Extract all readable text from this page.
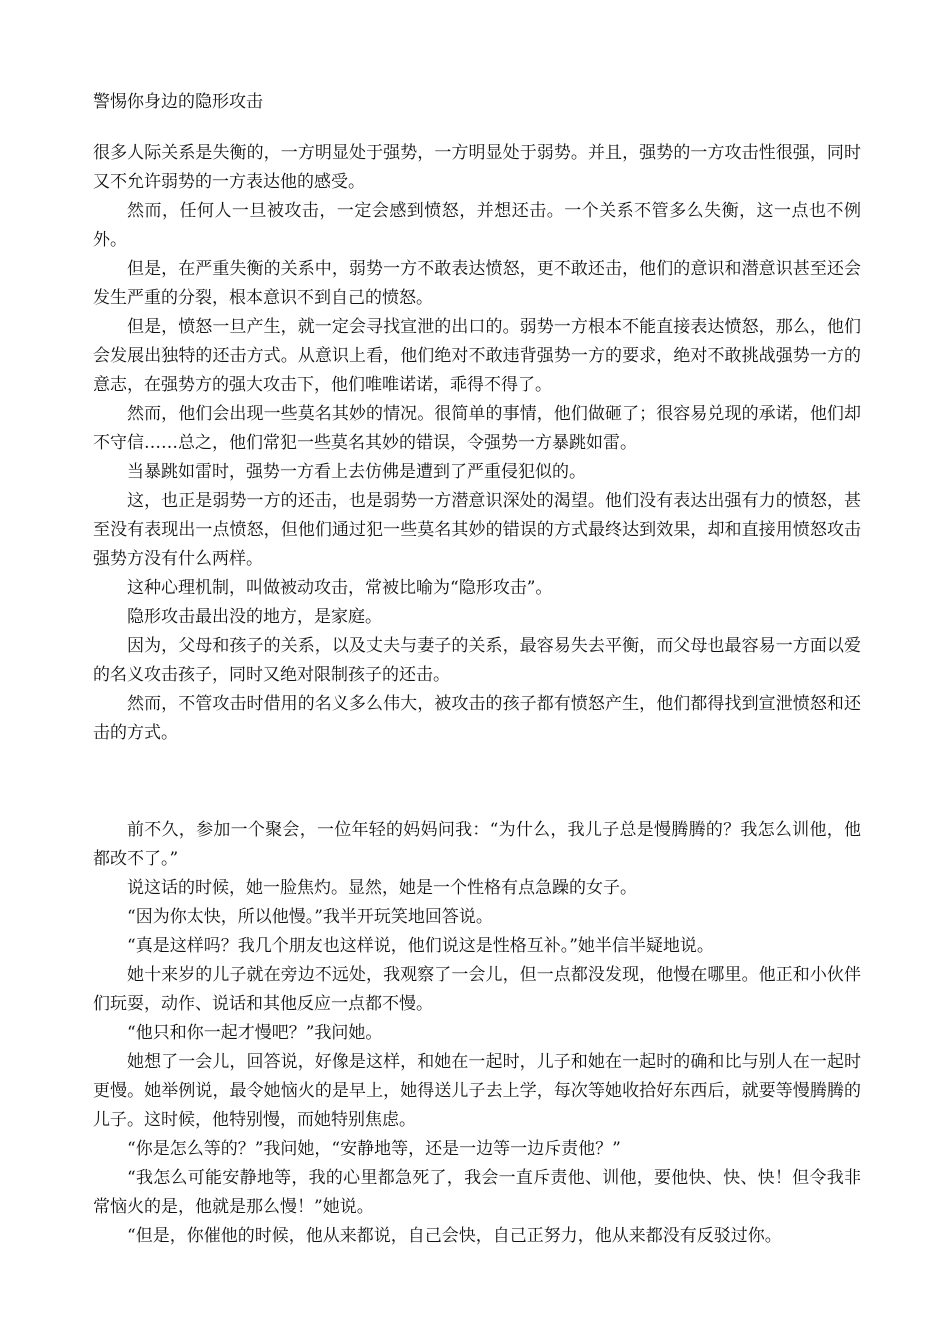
警惕你身边的隐形攻击

很多人际关系是失衡的，一方明显处于强势，一方明显处于弱势。并且，强势的一方攻击性很强，同时又不允许弱势的一方表达他的感受。

然而，任何人一旦被攻击，一定会感到愤怒，并想还击。一个关系不管多么失衡，这一点也不例外。

但是，在严重失衡的关系中，弱势一方不敢表达愤怒，更不敢还击，他们的意识和潜意识甚至还会发生严重的分裂，根本意识不到自己的愤怒。

但是，愤怒一旦产生，就一定会寻找宣泄的出口的。弱势一方根本不能直接表达愤怒，那么，他们会发展出独特的还击方式。从意识上看，他们绝对不敢违背强势一方的要求，绝对不敢挑战强势一方的意志，在强势方的强大攻击下，他们唯唯诺诺，乖得不得了。

然而，他们会出现一些莫名其妙的情况。很简单的事情，他们做砸了；很容易兑现的承诺，他们却不守信……总之，他们常犯一些莫名其妙的错误，令强势一方暴跳如雷。

当暴跳如雷时，强势一方看上去仿佛是遭到了严重侵犯似的。

这，也正是弱势一方的还击，也是弱势一方潜意识深处的渴望。他们没有表达出强有力的愤怒，甚至没有表现出一点愤怒，但他们通过犯一些莫名其妙的错误的方式最终达到效果，却和直接用愤怒攻击强势方没有什么两样。

这种心理机制，叫做被动攻击，常被比喻为“隐形攻击”。

隐形攻击最出没的地方，是家庭。

因为，父母和孩子的关系，以及丈夫与妻子的关系，最容易失去平衡，而父母也最容易一方面以爱的名义攻击孩子，同时又绝对限制孩子的还击。

然而，不管攻击时借用的名义多么伟大，被攻击的孩子都有愤怒产生，他们都得找到宣泄愤怒和还击的方式。

前不久，参加一个聚会，一位年轻的妈妈问我：“为什么，我儿子总是慢腾腾的？我怎么训他，他都改不了。”

说这话的时候，她一脸焦灼。显然，她是一个性格有点急躁的女子。

“因为你太快，所以他慢。”我半开玩笑地回答说。

“真是这样吗？我几个朋友也这样说，他们说这是性格互补。”她半信半疑地说。

她十来岁的儿子就在旁边不远处，我观察了一会儿，但一点都没发现，他慢在哪里。他正和小伙伴们玩耍，动作、说话和其他反应一点都不慢。

“他只和你一起才慢吧？”我问她。

她想了一会儿，回答说，好像是这样，和她在一起时，儿子和她在一起时的确和比与别人在一起时更慢。她举例说，最令她恼火的是早上，她得送儿子去上学，每次等她收拾好东西后，就要等慢腾腾的儿子。这时候，他特别慢，而她特别焦虑。

“你是怎么等的？”我问她，“安静地等，还是一边等一边斥责他？”

“我怎么可能安静地等，我的心里都急死了，我会一直斥责他、训他，要他快、快、快！但令我非常恼火的是，他就是那么慢！”她说。

“但是，你催他的时候，他从来都说，自己会快，自己正努力，他从来都没有反驳过你。
